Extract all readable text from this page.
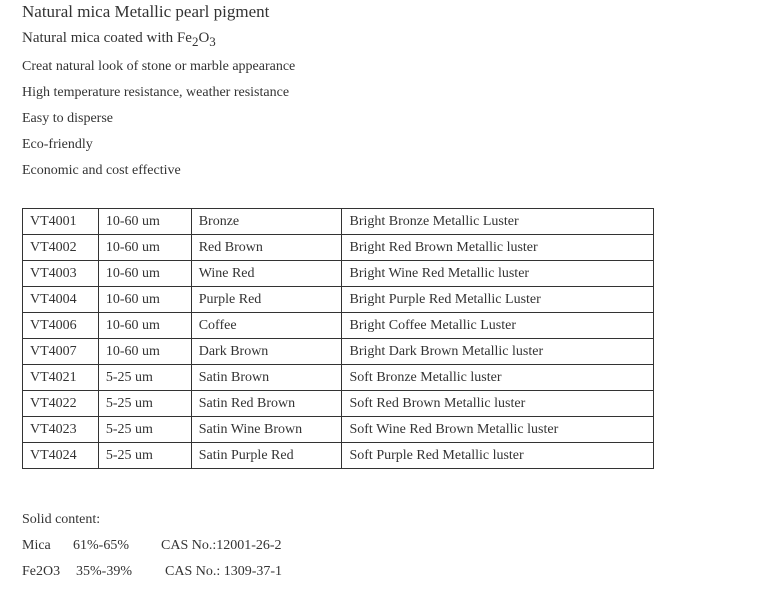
Natural mica Metallic pearl pigment
Natural mica coated with Fe2O3
Creat natural look of stone or marble appearance
High temperature resistance, weather resistance
Easy to disperse
Eco-friendly
Economic and cost effective
VT4001	10-60 um	Bronze	Bright Bronze Metallic Luster
VT4002	10-60 um	Red Brown	Bright Red Brown Metallic luster
VT4003	10-60 um	Wine Red	Bright Wine Red Metallic luster
VT4004	10-60 um	Purple Red	Bright Purple Red Metallic Luster
VT4006	10-60 um	Coffee	Bright Coffee Metallic Luster
VT4007	10-60 um	Dark Brown	Bright Dark Brown Metallic luster
VT4021	5-25 um	Satin Brown	Soft Bronze Metallic luster
VT4022	5-25 um	Satin Red Brown	Soft Red Brown Metallic luster
VT4023	5-25 um	Satin Wine Brown	Soft Wine Red Brown Metallic luster
VT4024	5-25 um	Satin Purple Red	Soft Purple Red Metallic luster
Solid content:
Mica 61%-65% CAS No.:12001-26-2
Fe2O3 35%-39% CAS No.: 1309-37-1
